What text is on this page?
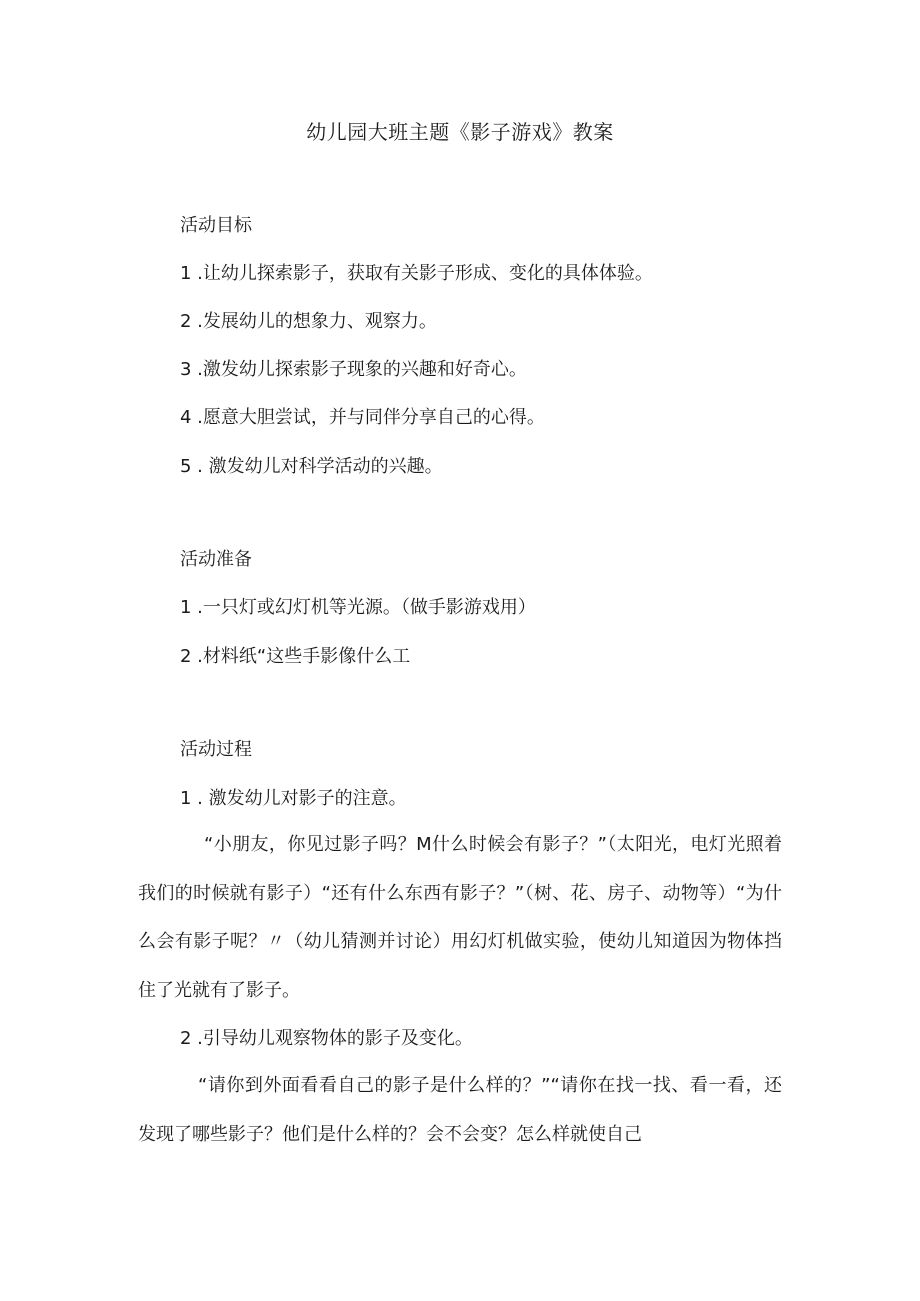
幼儿园大班主题《影子游戏》教案
活动目标
1 .让幼儿探索影子，获取有关影子形成、变化的具体体验。
2 .发展幼儿的想象力、观察力。
3 .激发幼儿探索影子现象的兴趣和好奇心。
4 .愿意大胆尝试，并与同伴分享自己的心得。
5 . 激发幼儿对科学活动的兴趣。
活动准备
1 .一只灯或幻灯机等光源。（做手影游戏用）
2 .材料纸“这些手影像什么工
活动过程
1 . 激发幼儿对影子的注意。
“小朋友，你见过影子吗？M什么时候会有影子？”（太阳光，电灯光照着我们的时候就有影子）“还有什么东西有影子？”（树、花、房子、动物等）“为什么会有影子呢？〃（幼儿猜测并讨论）用幻灯机做实验，使幼儿知道因为物体挡住了光就有了影子。
2 .引导幼儿观察物体的影子及变化。
“请你到外面看看自己的影子是什么样的？”“请你在找一找、看一看，还发现了哪些影子？他们是什么样的？会不会变？怎么样就使自己
